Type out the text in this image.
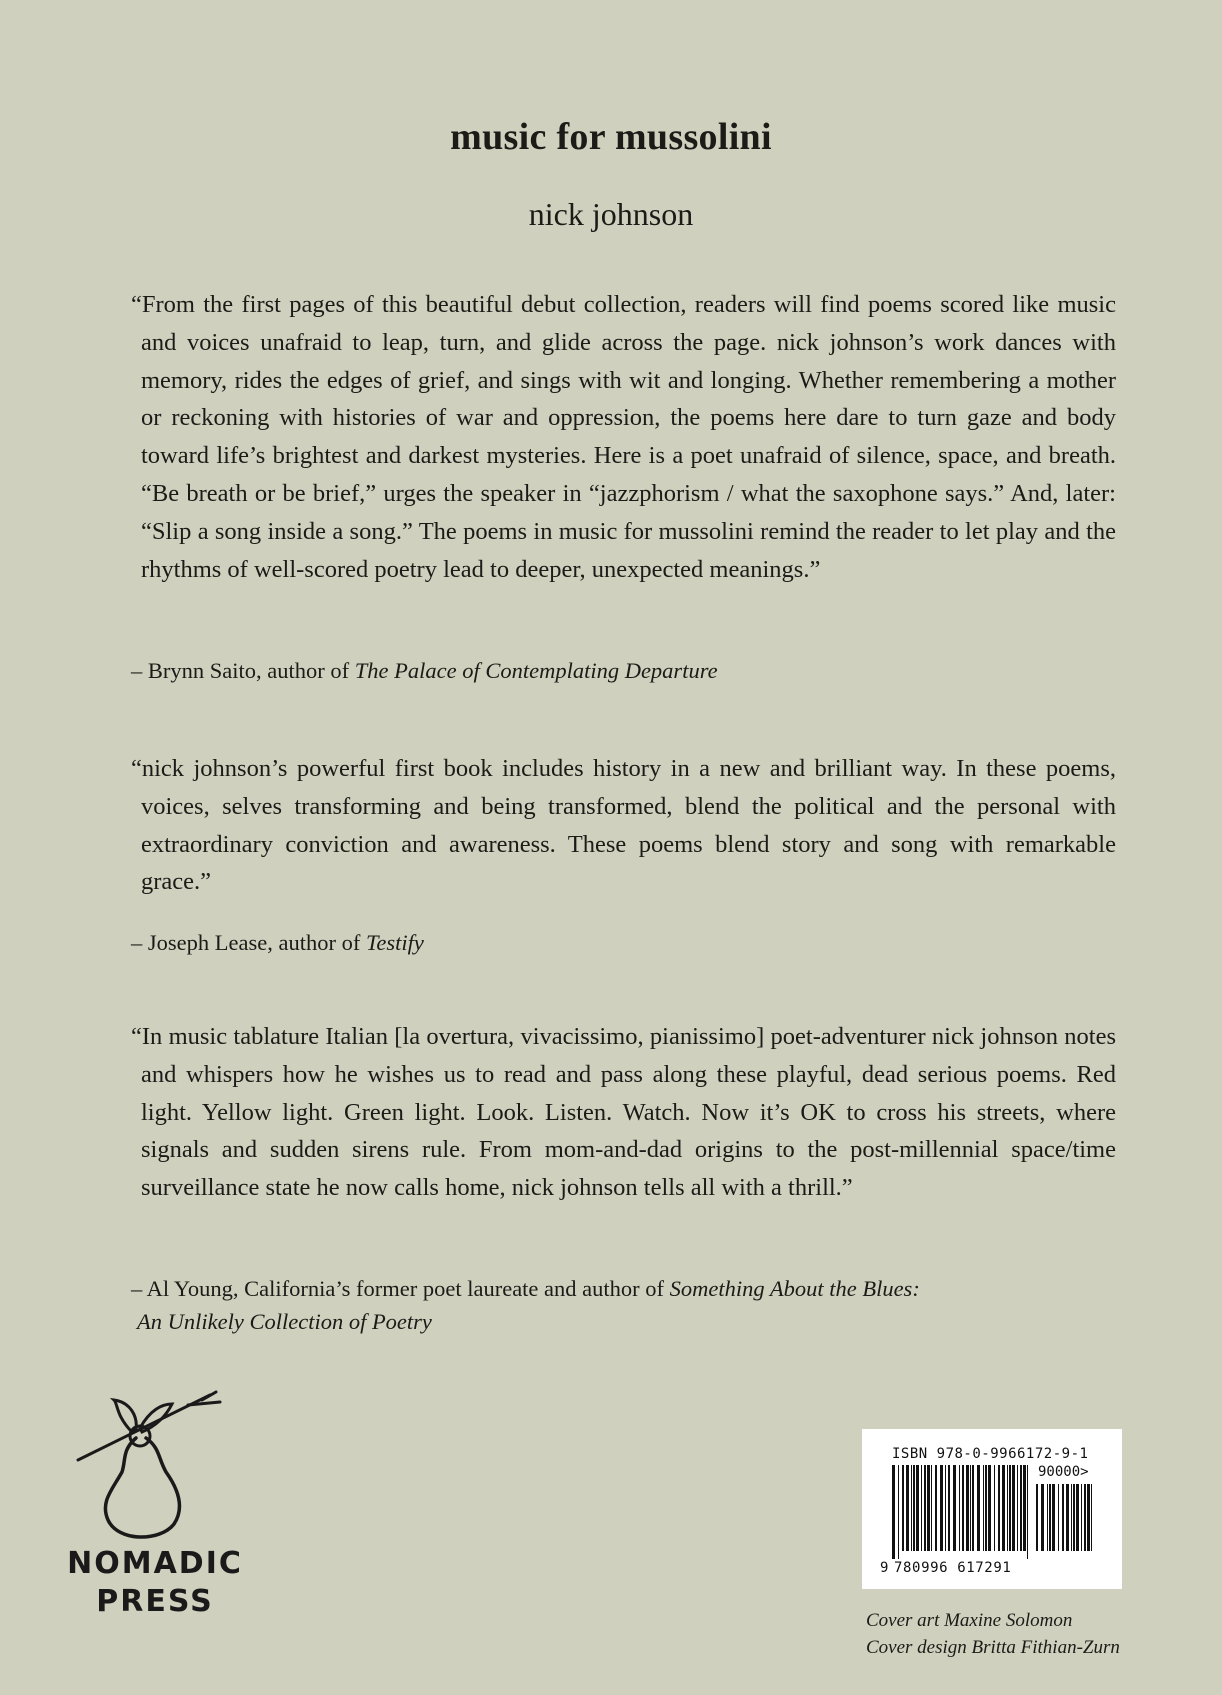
music for mussolini
nick johnson

“From the first pages of this beautiful debut collection, readers will find poems scored like music and voices unafraid to leap, turn, and glide across the page. nick johnson’s work dances with memory, rides the edges of grief, and sings with wit and longing. Whether remembering a mother or reckoning with histories of war and oppression, the poems here dare to turn gaze and body toward life’s brightest and darkest mysteries. Here is a poet unafraid of silence, space, and breath. “Be breath or be brief,” urges the speaker in “jazzphorism / what the saxophone says.” And, later: “Slip a song inside a song.” The poems in music for mussolini remind the reader to let play and the rhythms of well-scored poetry lead to deeper, unexpected meanings.”

– Brynn Saito, author of The Palace of Contemplating Departure

“nick johnson’s powerful first book includes history in a new and brilliant way. In these poems, voices, selves transforming and being transformed, blend the political and the personal with extraordinary conviction and awareness. These poems blend story and song with remarkable grace.”

– Joseph Lease, author of Testify

“In music tablature Italian [la overtura, vivacissimo, pianissimo] poet-adventurer nick johnson notes and whispers how he wishes us to read and pass along these playful, dead serious poems. Red light. Yellow light. Green light. Look. Listen. Watch. Now it’s OK to cross his streets, where signals and sudden sirens rule. From mom-and-dad origins to the post-millennial space/time surveillance state he now calls home, nick johnson tells all with a thrill.”

– Al Young, California’s former poet laureate and author of Something About the Blues:
An Unlikely Collection of Poetry
NOMADIC
PRESS
ISBN 978-0-9966172-9-1
90000>
9 780996 617291
Cover art Maxine Solomon
Cover design Britta Fithian-Zurn
